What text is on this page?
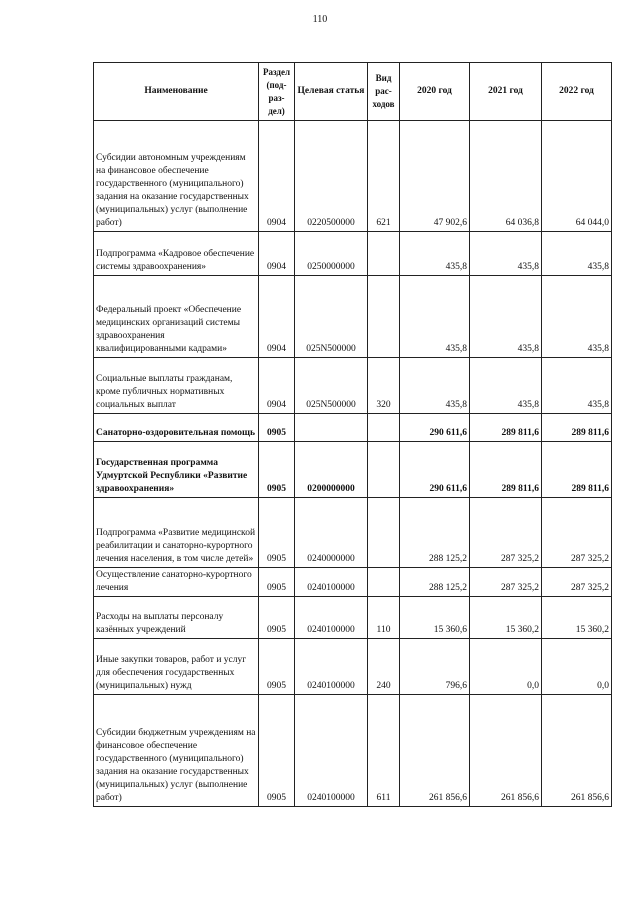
110
Наименование	Раздел (под-раз-дел)	Целевая статья	Вид рас-ходов	2020 год	2021 год	2022 год
Субсидии автономным учреждениям на финансовое обеспечение государственного (муниципального) задания на оказание государственных (муниципальных) услуг (выполнение работ)	0904	0220500000	621	47 902,6	64 036,8	64 044,0
Подпрограмма «Кадровое обеспечение системы здравоохранения»	0904	0250000000		435,8	435,8	435,8
Федеральный проект «Обеспечение медицинских организаций системы здравоохранения квалифицированными кадрами»	0904	025N500000		435,8	435,8	435,8
Социальные выплаты гражданам, кроме публичных нормативных социальных выплат	0904	025N500000	320	435,8	435,8	435,8
Санаторно-оздоровительная помощь	0905			290 611,6	289 811,6	289 811,6
Государственная программа Удмуртской Республики «Развитие здравоохранения»	0905	0200000000		290 611,6	289 811,6	289 811,6
Подпрограмма «Развитие медицинской реабилитации и санаторно-курортного лечения населения, в том числе детей»	0905	0240000000		288 125,2	287 325,2	287 325,2
Осуществление санаторно-курортного лечения	0905	0240100000		288 125,2	287 325,2	287 325,2
Расходы на выплаты персоналу казённых учреждений	0905	0240100000	110	15 360,6	15 360,2	15 360,2
Иные закупки товаров, работ и услуг для обеспечения государственных (муниципальных) нужд	0905	0240100000	240	796,6	0,0	0,0
Субсидии бюджетным учреждениям на финансовое обеспечение государственного (муниципального) задания на оказание государственных (муниципальных) услуг (выполнение работ)	0905	0240100000	611	261 856,6	261 856,6	261 856,6
